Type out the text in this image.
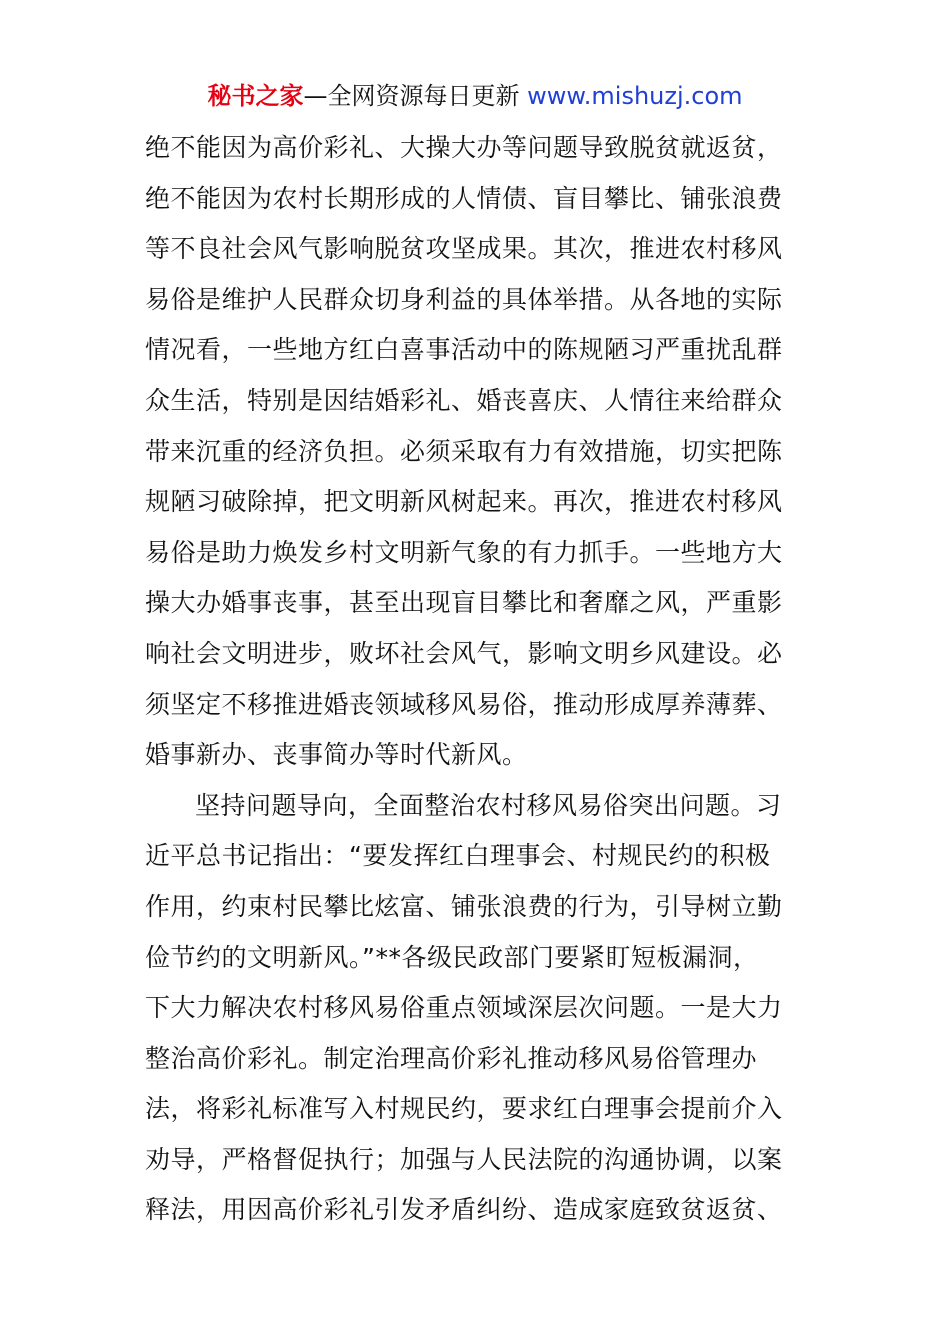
秘书之家—全网资源每日更新 www.mishuzj.com
绝不能因为高价彩礼、大操大办等问题导致脱贫就返贫，
绝不能因为农村长期形成的人情债、盲目攀比、铺张浪费
等不良社会风气影响脱贫攻坚成果。其次，推进农村移风
易俗是维护人民群众切身利益的具体举措。从各地的实际
情况看，一些地方红白喜事活动中的陈规陋习严重扰乱群
众生活，特别是因结婚彩礼、婚丧喜庆、人情往来给群众
带来沉重的经济负担。必须采取有力有效措施，切实把陈
规陋习破除掉，把文明新风树起来。再次，推进农村移风
易俗是助力焕发乡村文明新气象的有力抓手。一些地方大
操大办婚事丧事，甚至出现盲目攀比和奢靡之风，严重影
响社会文明进步，败坏社会风气，影响文明乡风建设。必
须坚定不移推进婚丧领域移风易俗，推动形成厚养薄葬、
婚事新办、丧事简办等时代新风。
坚持问题导向，全面整治农村移风易俗突出问题。习
近平总书记指出：“要发挥红白理事会、村规民约的积极
作用，约束村民攀比炫富、铺张浪费的行为，引导树立勤
俭节约的文明新风。”**各级民政部门要紧盯短板漏洞，
下大力解决农村移风易俗重点领域深层次问题。一是大力
整治高价彩礼。制定治理高价彩礼推动移风易俗管理办
法，将彩礼标准写入村规民约，要求红白理事会提前介入
劝导，严格督促执行；加强与人民法院的沟通协调，以案
释法，用因高价彩礼引发矛盾纠纷、造成家庭致贫返贫、
